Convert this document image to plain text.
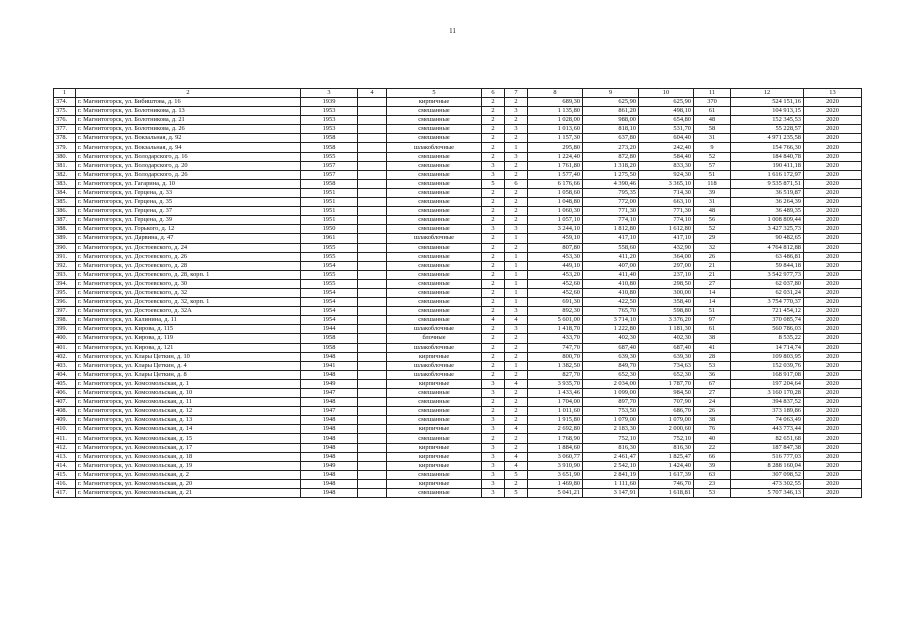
11
1	2	3	4	5	6	7	8	9	10	11	12	13
374.	г. Магнитогорск, ул. Бибиштова, д. 16	1939		кирпичные	2	2	689,30	625,90	625,90	370	524 151,16	2020
375.	г. Магнитогорск, ул. Болотникова, д. 13	1953		смешанные	2	3	1 135,80	861,20	498,10	61	104 913,15	2020
376.	г. Магнитогорск, ул. Болотникова, д. 21	1953		смешанные	2	2	1 028,00	988,00	654,80	48	152 345,53	2020
377.	г. Магнитогорск, ул. Болотникова, д. 26	1953		смешанные	2	3	1 013,60	818,10	531,70	58	55 228,57	2020
378.	г. Магнитогорск, ул. Вокзальная, д. 92	1958		смешанные	2	2	1 157,30	637,80	604,40	31	4 971 235,58	2020
379.	г. Магнитогорск, ул. Вокзальная, д. 94	1958		шлакоблочные	2	1	295,80	273,20	242,40	9	154 766,30	2020
380.	г. Магнитогорск, ул. Володарского, д. 16	1955		смешанные	2	3	1 224,40	872,80	584,40	52	184 840,78	2020
381.	г. Магнитогорск, ул. Володарского, д. 20	1957		смешанные	3	2	1 761,80	1 318,20	833,30	57	190 411,18	2020
382.	г. Магнитогорск, ул. Володарского, д. 26	1957		смешанные	3	2	1 577,40	1 275,50	924,30	51	1 616 172,97	2020
383.	г. Магнитогорск, ул. Гагарина, д. 10	1958		смешанные	5	6	6 176,66	4 390,46	3 365,10	118	9 535 871,51	2020
384.	г. Магнитогорск, ул. Герцена, д. 33	1951		смешанные	2	2	1 058,60	795,35	714,30	39	36 519,87	2020
385.	г. Магнитогорск, ул. Герцена, д. 35	1951		смешанные	2	2	1 048,80	772,00	663,10	31	36 264,39	2020
386.	г. Магнитогорск, ул. Герцена, д. 37	1951		смешанные	2	2	1 060,30	771,30	771,30	48	36 489,35	2020
387.	г. Магнитогорск, ул. Герцена, д. 39	1951		смешанные	2	2	1 057,10	774,10	774,10	56	1 008 809,44	2020
388.	г. Магнитогорск, ул. Горького, д. 12	1950		смешанные	3	3	3 244,10	1 812,80	1 612,80	52	3 427 325,73	2020
389.	г. Магнитогорск, ул. Дарвина, д. 47	1961		шлакоблочные	2	1	459,10	417,10	417,10	29	90 482,65	2020
390.	г. Магнитогорск, ул. Достоевского, д. 24	1955		смешанные	2	2	807,80	558,60	432,90	32	4 764 812,88	2020
391.	г. Магнитогорск, ул. Достоевского, д. 26	1955		смешанные	2	1	453,30	411,20	364,00	26	63 486,81	2020
392.	г. Магнитогорск, ул. Достоевского, д. 28	1954		смешанные	2	1	449,10	407,00	297,00	21	59 844,18	2020
393.	г. Магнитогорск, ул. Достоевского, д. 28, корп. 1	1955		смешанные	2	1	453,20	411,40	237,10	21	3 542 977,73	2020
394.	г. Магнитогорск, ул. Достоевского, д. 30	1955		смешанные	2	1	452,60	410,80	298,50	27	62 037,80	2020
395.	г. Магнитогорск, ул. Достоевского, д. 32	1954		смешанные	2	1	452,60	410,80	300,00	14	62 031,24	2020
396.	г. Магнитогорск, ул. Достоевского, д. 32, корп. 1	1954		смешанные	2	1	691,30	422,50	358,40	14	3 754 770,37	2020
397.	г. Магнитогорск, ул. Достоевского, д. 32А	1954		смешанные	2	3	892,30	765,70	598,80	51	721 454,12	2020
398.	г. Магнитогорск, ул. Калинина, д. 11	1954		смешанные	4	4	5 601,00	3 714,10	3 376,20	97	370 085,74	2020
399.	г. Магнитогорск, ул. Кирова, д. 115	1944		шлакоблочные	2	3	1 418,70	1 222,80	1 181,30	61	560 786,03	2020
400.	г. Магнитогорск, ул. Кирова, д. 119	1958		блочные	2	2	433,70	402,30	402,30	38	8 535,22	2020
401.	г. Магнитогорск, ул. Кирова, д. 121	1958		шлакоблочные	2	2	747,70	687,40	687,40	41	14 714,74	2020
402.	г. Магнитогорск, ул. Клары Цеткин, д. 10	1948		кирпичные	2	2	800,70	639,30	639,30	28	109 803,95	2020
403.	г. Магнитогорск, ул. Клары Цеткин, д. 4	1941		шлакоблочные	2	1	1 382,50	849,70	734,63	53	152 039,76	2020
404.	г. Магнитогорск, ул. Клары Цеткин, д. 8	1948		шлакоблочные	2	2	827,70	652,30	652,30	36	168 917,08	2020
405.	г. Магнитогорск, ул. Комсомольская, д. 1	1949		кирпичные	3	4	3 935,70	2 034,00	1 787,70	67	197 204,64	2020
406.	г. Магнитогорск, ул. Комсомольская, д. 10	1947		смешанные	3	2	1 433,46	1 099,00	984,50	27	3 160 170,28	2020
407.	г. Магнитогорск, ул. Комсомольская, д. 11	1948		смешанные	2	2	1 704,00	897,70	707,90	24	394 837,52	2020
408.	г. Магнитогорск, ул. Комсомольская, д. 12	1947		смешанные	2	2	1 011,60	753,50	686,70	26	373 189,86	2020
409.	г. Магнитогорск, ул. Комсомольская, д. 13	1948		смешанные	3	2	1 915,80	1 079,00	1 079,00	38	74 063,49	2020
410.	г. Магнитогорск, ул. Комсомольская, д. 14	1948		кирпичные	3	4	2 692,80	2 183,30	2 000,60	76	443 773,44	2020
411.	г. Магнитогорск, ул. Комсомольская, д. 15	1948		смешанные	2	2	1 768,90	752,10	752,10	40	82 651,68	2020
412.	г. Магнитогорск, ул. Комсомольская, д. 17	1948		кирпичные	3	2	1 884,60	816,30	816,30	22	187 847,38	2020
413.	г. Магнитогорск, ул. Комсомольская, д. 18	1948		кирпичные	3	4	3 060,77	2 461,47	1 825,47	66	516 777,03	2020
414.	г. Магнитогорск, ул. Комсомольская, д. 19	1949		кирпичные	3	4	3 910,90	2 542,10	1 424,40	39	8 288 160,04	2020
415.	г. Магнитогорск, ул. Комсомольская, д. 2	1948		смешанные	3	5	3 651,90	2 841,19	1 617,39	63	307 098,52	2020
416.	г. Магнитогорск, ул. Комсомольская, д. 20	1948		кирпичные	3	2	1 469,80	1 111,60	746,70	23	473 302,55	2020
417.	г. Магнитогорск, ул. Комсомольская, д. 21	1948		смешанные	3	5	5 041,21	3 147,91	1 618,81	53	5 707 346,13	2020
